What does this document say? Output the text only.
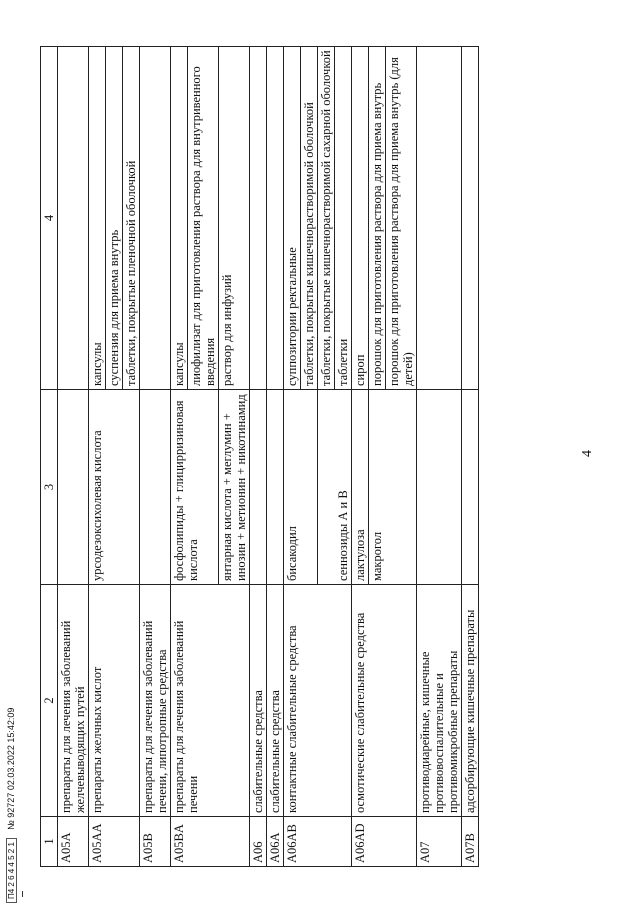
П4 2 6 4 4 5 2 1 № 92727 02.03.2022 15:42:09
1	2	3	4
A05A	препараты для лечения заболеваний желчевыводящих путей		
A05AA	препараты желчных кислот	урсодезоксихолевая кислота	капсулы
			суспензия для приема внутрь
			таблетки, покрытые пленочной оболочкой
A05B	препараты для лечения заболеваний печени, липотропные средства		
A05BA	препараты для лечения заболеваний печени	фосфолипиды + глицирризиновая кислота	капсулы
			лиофилизат для приготовления раствора для внутривенного введения
		янтарная кислота + меглумин + инозин + метионин + никотинамид	раствор для инфузий
A06	слабительные средства		
A06A	слабительные средства		
A06AB	контактные слабительные средства	бисакодил	суппозитории ректальные
			таблетки, покрытые кишечнорастворимой оболочкой
		сеннозиды А и В	таблетки, покрытые кишечнорастворимой сахарной оболочкой
			таблетки
A06AD	осмотические слабительные средства	лактулоза	сироп
		макрогол	порошок для приготовления раствора для приема внутрь
			порошок для приготовления раствора для приема внутрь (для детей)
A07	противодиарейные, кишечные противовоспалительные и противомикробные препараты		
A07B	адсорбирующие кишечные препараты		
4
